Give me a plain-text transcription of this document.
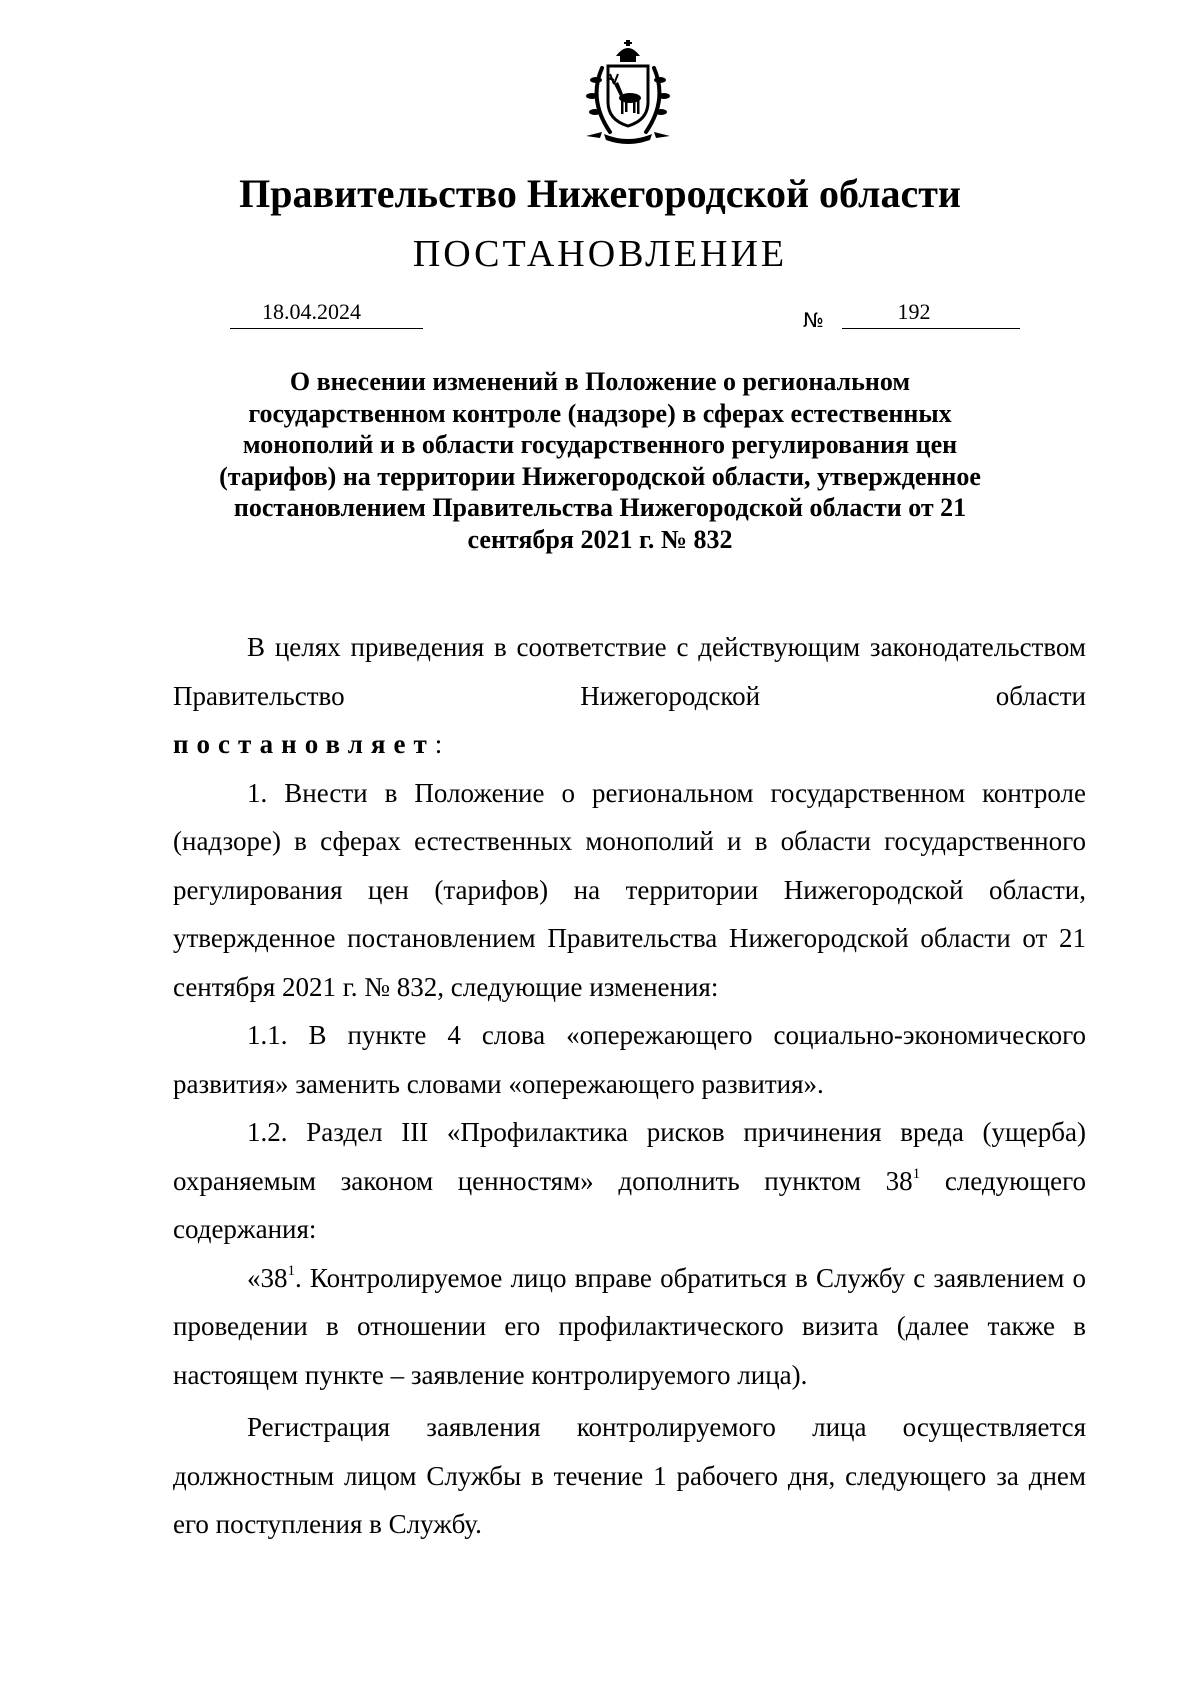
Правительство Нижегородской области
ПОСТАНОВЛЕНИЕ
18.04.2024	№	192
О внесении изменений в Положение о региональном государственном контроле (надзоре) в сферах естественных монополий и в области государственного регулирования цен (тарифов) на территории Нижегородской области, утвержденное постановлением Правительства Нижегородской области от 21 сентября 2021 г. № 832

В целях приведения в соответствие с действующим законодательством Правительство Нижегородской области

постановляет:

1. Внести в Положение о региональном государственном контроле (надзоре) в сферах естественных монополий и в области государственного регулирования цен (тарифов) на территории Нижегородской области, утвержденное постановлением Правительства Нижегородской области от 21 сентября 2021 г. № 832, следующие изменения:

1.1. В пункте 4 слова «опережающего социально-экономического развития» заменить словами «опережающего развития».

1.2. Раздел III «Профилактика рисков причинения вреда (ущерба) охраняемым законом ценностям» дополнить пунктом $38^1$ следующего содержания:

«$38^1$. Контролируемое лицо вправе обратиться в Службу с заявлением о проведении в отношении его профилактического визита (далее также в настоящем пункте – заявление контролируемого лица).

Регистрация заявления контролируемого лица осуществляется должностным лицом Службы в течение 1 рабочего дня, следующего за днем его поступления в Службу.
